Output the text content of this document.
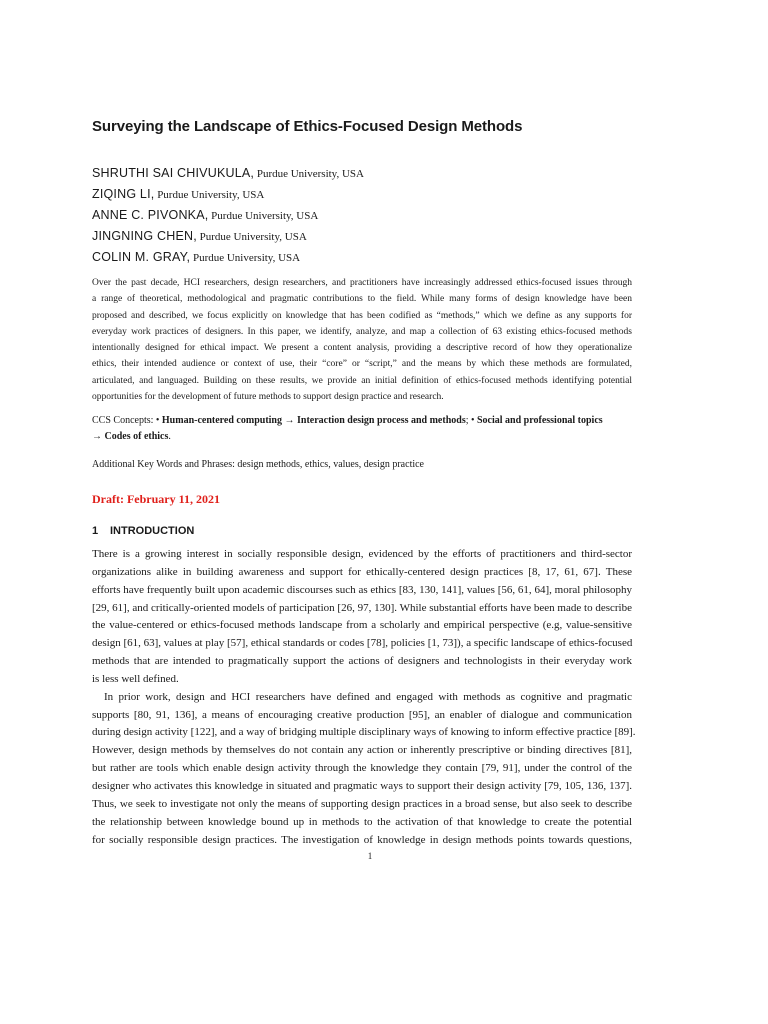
Surveying the Landscape of Ethics-Focused Design Methods
SHRUTHI SAI CHIVUKULA, Purdue University, USA
ZIQING LI, Purdue University, USA
ANNE C. PIVONKA, Purdue University, USA
JINGNING CHEN, Purdue University, USA
COLIN M. GRAY, Purdue University, USA
Over the past decade, HCI researchers, design researchers, and practitioners have increasingly addressed ethics-focused issues through
a range of theoretical, methodological and pragmatic contributions to the field. While many forms of design knowledge have been
proposed and described, we focus explicitly on knowledge that has been codified as “methods,” which we define as any supports for
everyday work practices of designers. In this paper, we identify, analyze, and map a collection of 63 existing ethics-focused methods
intentionally designed for ethical impact. We present a content analysis, providing a descriptive record of how they operationalize
ethics, their intended audience or context of use, their “core” or “script,” and the means by which these methods are formulated,
articulated, and languaged. Building on these results, we provide an initial definition of ethics-focused methods identifying potential
opportunities for the development of future methods to support design practice and research.
CCS Concepts: • Human-centered computing → Interaction design process and methods; • Social and professional topics
→ Codes of ethics.
Additional Key Words and Phrases: design methods, ethics, values, design practice
Draft: February 11, 2021
1 INTRODUCTION
There is a growing interest in socially responsible design, evidenced by the efforts of practitioners and third-sector
organizations alike in building awareness and support for ethically-centered design practices [8, 17, 61, 67]. These
efforts have frequently built upon academic discourses such as ethics [83, 130, 141], values [56, 61, 64], moral philosophy
[29, 61], and critically-oriented models of participation [26, 97, 130]. While substantial efforts have been made to describe
the value-centered or ethics-focused methods landscape from a scholarly and empirical perspective (e.g, value-sensitive
design [61, 63], values at play [57], ethical standards or codes [78], policies [1, 73]), a specific landscape of ethics-focused
methods that are intended to pragmatically support the actions of designers and technologists in their everyday work
is less well defined.
In prior work, design and HCI researchers have defined and engaged with methods as cognitive and pragmatic
supports [80, 91, 136], a means of encouraging creative production [95], an enabler of dialogue and communication
during design activity [122], and a way of bridging multiple disciplinary ways of knowing to inform effective practice [89].
However, design methods by themselves do not contain any action or inherently prescriptive or binding directives [81],
but rather are tools which enable design activity through the knowledge they contain [79, 91], under the control of the
designer who activates this knowledge in situated and pragmatic ways to support their design activity [79, 105, 136, 137].
Thus, we seek to investigate not only the means of supporting design practices in a broad sense, but also seek to describe
the relationship between knowledge bound up in methods to the activation of that knowledge to create the potential
for socially responsible design practices. The investigation of knowledge in design methods points towards questions,
1
